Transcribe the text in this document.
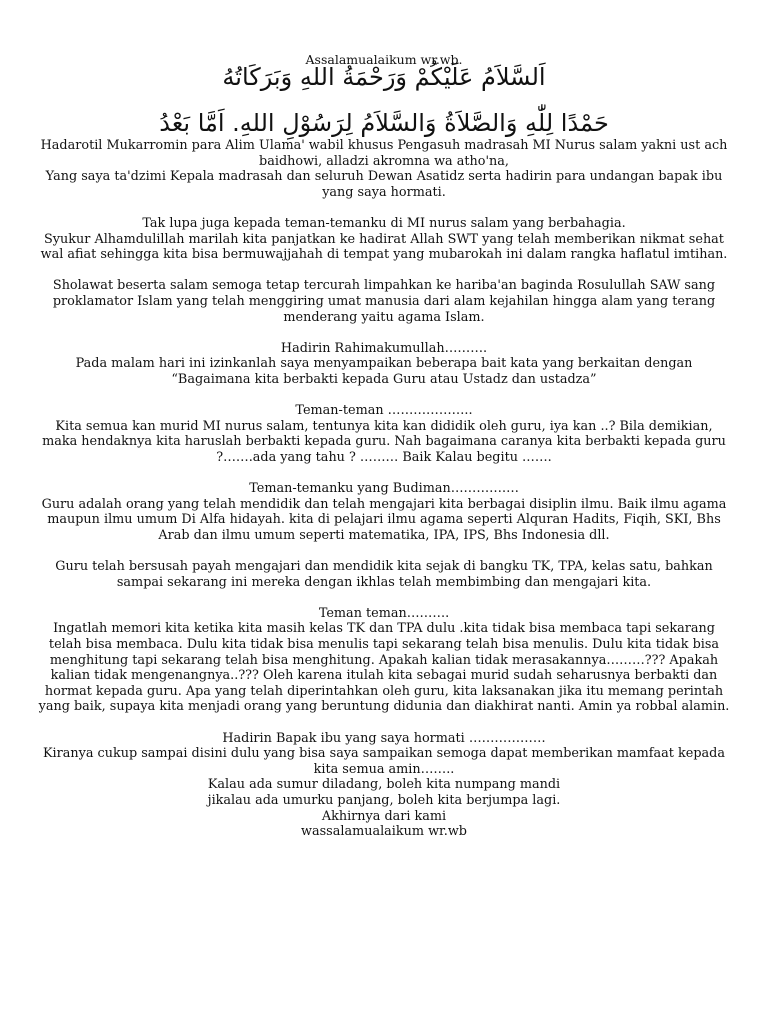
Assalamualaikum wr.wb.
اَلسَّلاَمُ عَلَيْكُمْ وَرَحْمَةُ اللهِ وَبَرَكَاتُهُ
حَمْدًا لِلّٰهِ وَالصَّلاَةُ وَالسَّلاَمُ لِرَسُوْلِ اللهِ. اَمَّا بَعْدُ

Hadarotil Mukarromin para Alim Ulama' wabil khusus Pengasuh madrasah MI Nurus salam yakni ust ach baidhowi, alladzi akromna wa atho'na,

Yang saya ta'dzimi Kepala madrasah dan seluruh Dewan Asatidz serta hadirin para undangan bapak ibu yang saya hormati.

Tak lupa juga kepada teman-temanku di MI nurus salam yang berbahagia.

Syukur Alhamdulillah marilah kita panjatkan ke hadirat Allah SWT yang telah memberikan nikmat sehat wal afiat sehingga kita bisa bermuwajjahah di tempat yang mubarokah ini dalam rangka haflatul imtihan.

Sholawat beserta salam semoga tetap tercurah limpahkan ke hariba'an baginda Rosulullah SAW sang proklamator Islam yang telah menggiring umat manusia dari alam kejahilan hingga alam yang terang menderang yaitu agama Islam.

Hadirin Rahimakumullah……….

Pada malam hari ini izinkanlah saya menyampaikan beberapa bait kata yang berkaitan dengan “Bagaimana kita berbakti kepada Guru atau Ustadz dan ustadza”

Teman-teman ………………..

Kita semua kan murid MI nurus salam, tentunya kita kan dididik oleh guru, iya kan ..? Bila demikian, maka hendaknya kita haruslah berbakti kepada guru. Nah bagaimana caranya kita berbakti kepada guru ?…….ada yang tahu ? ……… Baik Kalau begitu …….

Teman-temanku yang Budiman…………….

Guru adalah orang yang telah mendidik dan telah mengajari kita berbagai disiplin ilmu. Baik ilmu agama maupun ilmu umum Di Alfa hidayah. kita di pelajari ilmu agama seperti Alquran Hadits, Fiqih, SKI, Bhs Arab dan ilmu umum seperti matematika, IPA, IPS, Bhs Indonesia dll.

Guru telah bersusah payah mengajari dan mendidik kita sejak di bangku TK, TPA, kelas satu, bahkan sampai sekarang ini mereka dengan ikhlas telah membimbing dan mengajari kita.

Teman teman……….

Ingatlah memori kita ketika kita masih kelas TK dan TPA dulu .kita tidak bisa membaca tapi sekarang telah bisa membaca. Dulu kita tidak bisa menulis tapi sekarang telah bisa menulis. Dulu kita tidak bisa menghitung tapi sekarang telah bisa menghitung. Apakah kalian tidak merasakannya………??? Apakah kalian tidak mengenangnya..??? Oleh karena itulah kita sebagai murid sudah seharusnya berbakti dan hormat kepada guru. Apa yang telah diperintahkan oleh guru, kita laksanakan jika itu memang perintah yang baik, supaya kita menjadi orang yang beruntung didunia dan diakhirat nanti. Amin ya robbal alamin.

Hadirin Bapak ibu yang saya hormati ………………

Kiranya cukup sampai disini dulu yang bisa saya sampaikan semoga dapat memberikan mamfaat kepada kita semua amin……..

Kalau ada sumur diladang, boleh kita numpang mandi

jikalau ada umurku panjang, boleh kita berjumpa lagi.

Akhirnya dari kami

wassalamualaikum wr.wb
